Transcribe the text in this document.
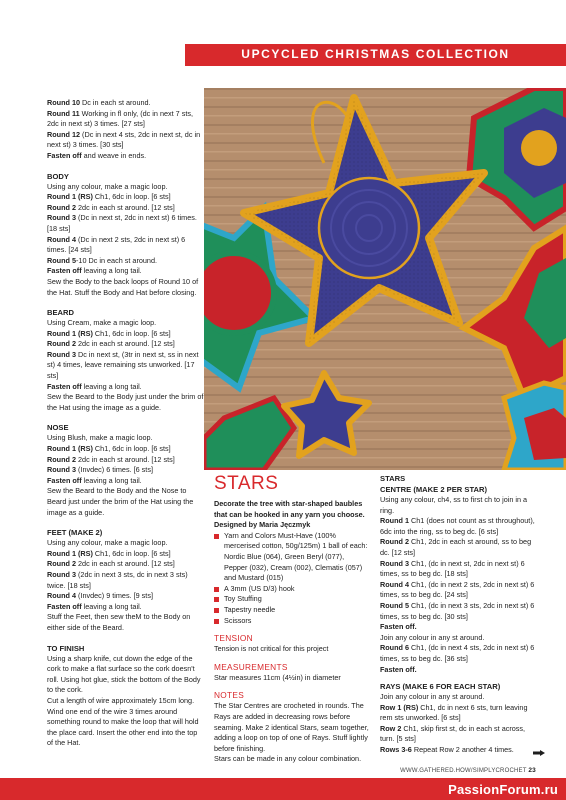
UPCYCLED CHRISTMAS COLLECTION

Round 10 Dc in each st around.

Round 11 Working in fl only, (dc in next 7 sts, 2dc in next st) 3 times. [27 sts]

Round 12 (Dc in next 4 sts, 2dc in next st, dc in next st) 3 times. [30 sts]

Fasten off and weave in ends.

BODY

Using any colour, make a magic loop.

Round 1 (RS) Ch1, 6dc in loop. [6 sts]

Round 2 2dc in each st around. [12 sts]

Round 3 (Dc in next st, 2dc in next st) 6 times. [18 sts]

Round 4 (Dc in next 2 sts, 2dc in next st) 6 times. [24 sts]

Round 5-10 Dc in each st around.

Fasten off leaving a long tail.

Sew the Body to the back loops of Round 10 of the Hat. Stuff the Body and Hat before closing.

BEARD

Using Cream, make a magic loop.

Round 1 (RS) Ch1, 6dc in loop. [6 sts]

Round 2 2dc in each st around. [12 sts]

Round 3 Dc in next st, (3tr in next st, ss in next st) 4 times, leave remaining sts unworked. [17 sts]

Fasten off leaving a long tail.

Sew the Beard to the Body just under the brim of the Hat using the image as a guide.

NOSE

Using Blush, make a magic loop.

Round 1 (RS) Ch1, 6dc in loop. [6 sts]

Round 2 2dc in each st around. [12 sts]

Round 3 (Invdec) 6 times. [6 sts]

Fasten off leaving a long tail.

Sew the Beard to the Body and the Nose to Beard just under the brim of the Hat using the image as a guide.

FEET (MAKE 2)

Using any colour, make a magic loop.

Round 1 (RS) Ch1, 6dc in loop. [6 sts]

Round 2 2dc in each st around. [12 sts]

Round 3 (2dc in next 3 sts, dc in next 3 sts) twice. [18 sts]

Round 4 (Invdec) 9 times. [9 sts]

Fasten off leaving a long tail.

Stuff the Feet, then sew theM to the Body on either side of the Beard.

TO FINISH

Using a sharp knife, cut down the edge of the cork to make a flat surface so the cork doesn't roll. Using hot glue, stick the bottom of the Body to the cork.

Cut a length of wire approximately 15cm long. Wind one end of the wire 3 times around something round to make the loop that will hold the place card. Insert the other end into the top of the Hat.

STARS

Decorate the tree with star-shaped baubles that can be hooked in any yarn you choose.

Designed by Maria Jęczmyk

Yarn and Colors Must-Have (100% mercerised cotton, 50g/125m) 1 ball of each: Nordic Blue (064), Green Beryl (077), Pepper (032), Cream (002), Clematis (057) and Mustard (015)
A 3mm (US D/3) hook
Toy Stuffing
Tapestry needle
Scissors
TENSION

Tension is not critical for this project

MEASUREMENTS

Star measures 11cm (4½in) in diameter

NOTES

The Star Centres are crocheted in rounds. The Rays are added in decreasing rows before seaming. Make 2 identical Stars, seam together, adding a loop on top of one of Rays. Stuff lightly before finishing.

Stars can be made in any colour combination.

STARS
CENTRE (MAKE 2 PER STAR)

Using any colour, ch4, ss to first ch to join in a ring.

Round 1 Ch1 (does not count as st throughout), 6dc into the ring, ss to beg dc. [6 sts]

Round 2 Ch1, 2dc in each st around, ss to beg dc. [12 sts]

Round 3 Ch1, (dc in next st, 2dc in next st) 6 times, ss to beg dc. [18 sts]

Round 4 Ch1, (dc in next 2 sts, 2dc in next st) 6 times, ss to beg dc. [24 sts]

Round 5 Ch1, (dc in next 3 sts, 2dc in next st) 6 times, ss to beg dc. [30 sts]

Fasten off.

Join any colour in any st around.

Round 6 Ch1, (dc in next 4 sts, 2dc in next st) 6 times, ss to beg dc. [36 sts]

Fasten off.

RAYS (MAKE 6 FOR EACH STAR)

Join any colour in any st around.

Row 1 (RS) Ch1, dc in next 6 sts, turn leaving rem sts unworked. [6 sts]

Row 2 Ch1, skip first st, dc in each st across, turn. [5 sts]

Rows 3-6 Repeat Row 2 another 4 times.

WWW.GATHERED.HOW/SIMPLYCROCHET 23
PassionForum.ru
